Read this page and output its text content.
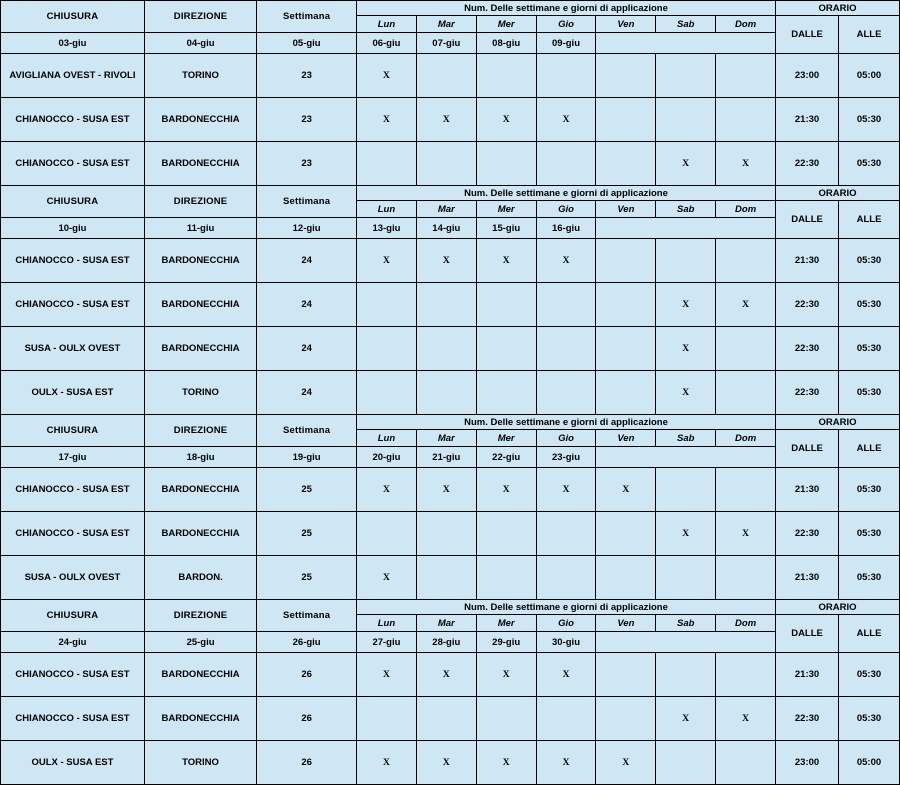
CHIUSURA	DIREZIONE	Settimana	Num. Delle settimane e giorni di applicazione							ORARIO	
			Lun	Mar	Mer	Gio	Ven	Sab	Dom	DALLE	ALLE
03-giu	04-giu	05-giu	06-giu	07-giu	08-giu	09-giu					
AVIGLIANA OVEST - RIVOLI	TORINO	23	X							23:00	05:00
CHIANOCCO - SUSA EST	BARDONECCHIA	23	X	X	X	X				21:30	05:30
CHIANOCCO - SUSA EST	BARDONECCHIA	23						X	X	22:30	05:30
CHIUSURA	DIREZIONE	Settimana	Num. Delle settimane e giorni di applicazione							ORARIO	
			Lun	Mar	Mer	Gio	Ven	Sab	Dom	DALLE	ALLE
10-giu	11-giu	12-giu	13-giu	14-giu	15-giu	16-giu					
CHIANOCCO - SUSA EST	BARDONECCHIA	24	X	X	X	X				21:30	05:30
CHIANOCCO - SUSA EST	BARDONECCHIA	24						X	X	22:30	05:30
SUSA - OULX OVEST	BARDONECCHIA	24						X		22:30	05:30
OULX - SUSA EST	TORINO	24						X		22:30	05:30
CHIUSURA	DIREZIONE	Settimana	Num. Delle settimane e giorni di applicazione							ORARIO	
			Lun	Mar	Mer	Gio	Ven	Sab	Dom	DALLE	ALLE
17-giu	18-giu	19-giu	20-giu	21-giu	22-giu	23-giu					
CHIANOCCO - SUSA EST	BARDONECCHIA	25	X	X	X	X	X			21:30	05:30
CHIANOCCO - SUSA EST	BARDONECCHIA	25						X	X	22:30	05:30
SUSA - OULX OVEST	BARDON.	25	X							21:30	05:30
CHIUSURA	DIREZIONE	Settimana	Num. Delle settimane e giorni di applicazione							ORARIO	
			Lun	Mar	Mer	Gio	Ven	Sab	Dom	DALLE	ALLE
24-giu	25-giu	26-giu	27-giu	28-giu	29-giu	30-giu					
CHIANOCCO - SUSA EST	BARDONECCHIA	26	X	X	X	X				21:30	05:30
CHIANOCCO - SUSA EST	BARDONECCHIA	26						X	X	22:30	05:30
OULX - SUSA EST	TORINO	26	X	X	X	X	X			23:00	05:00
